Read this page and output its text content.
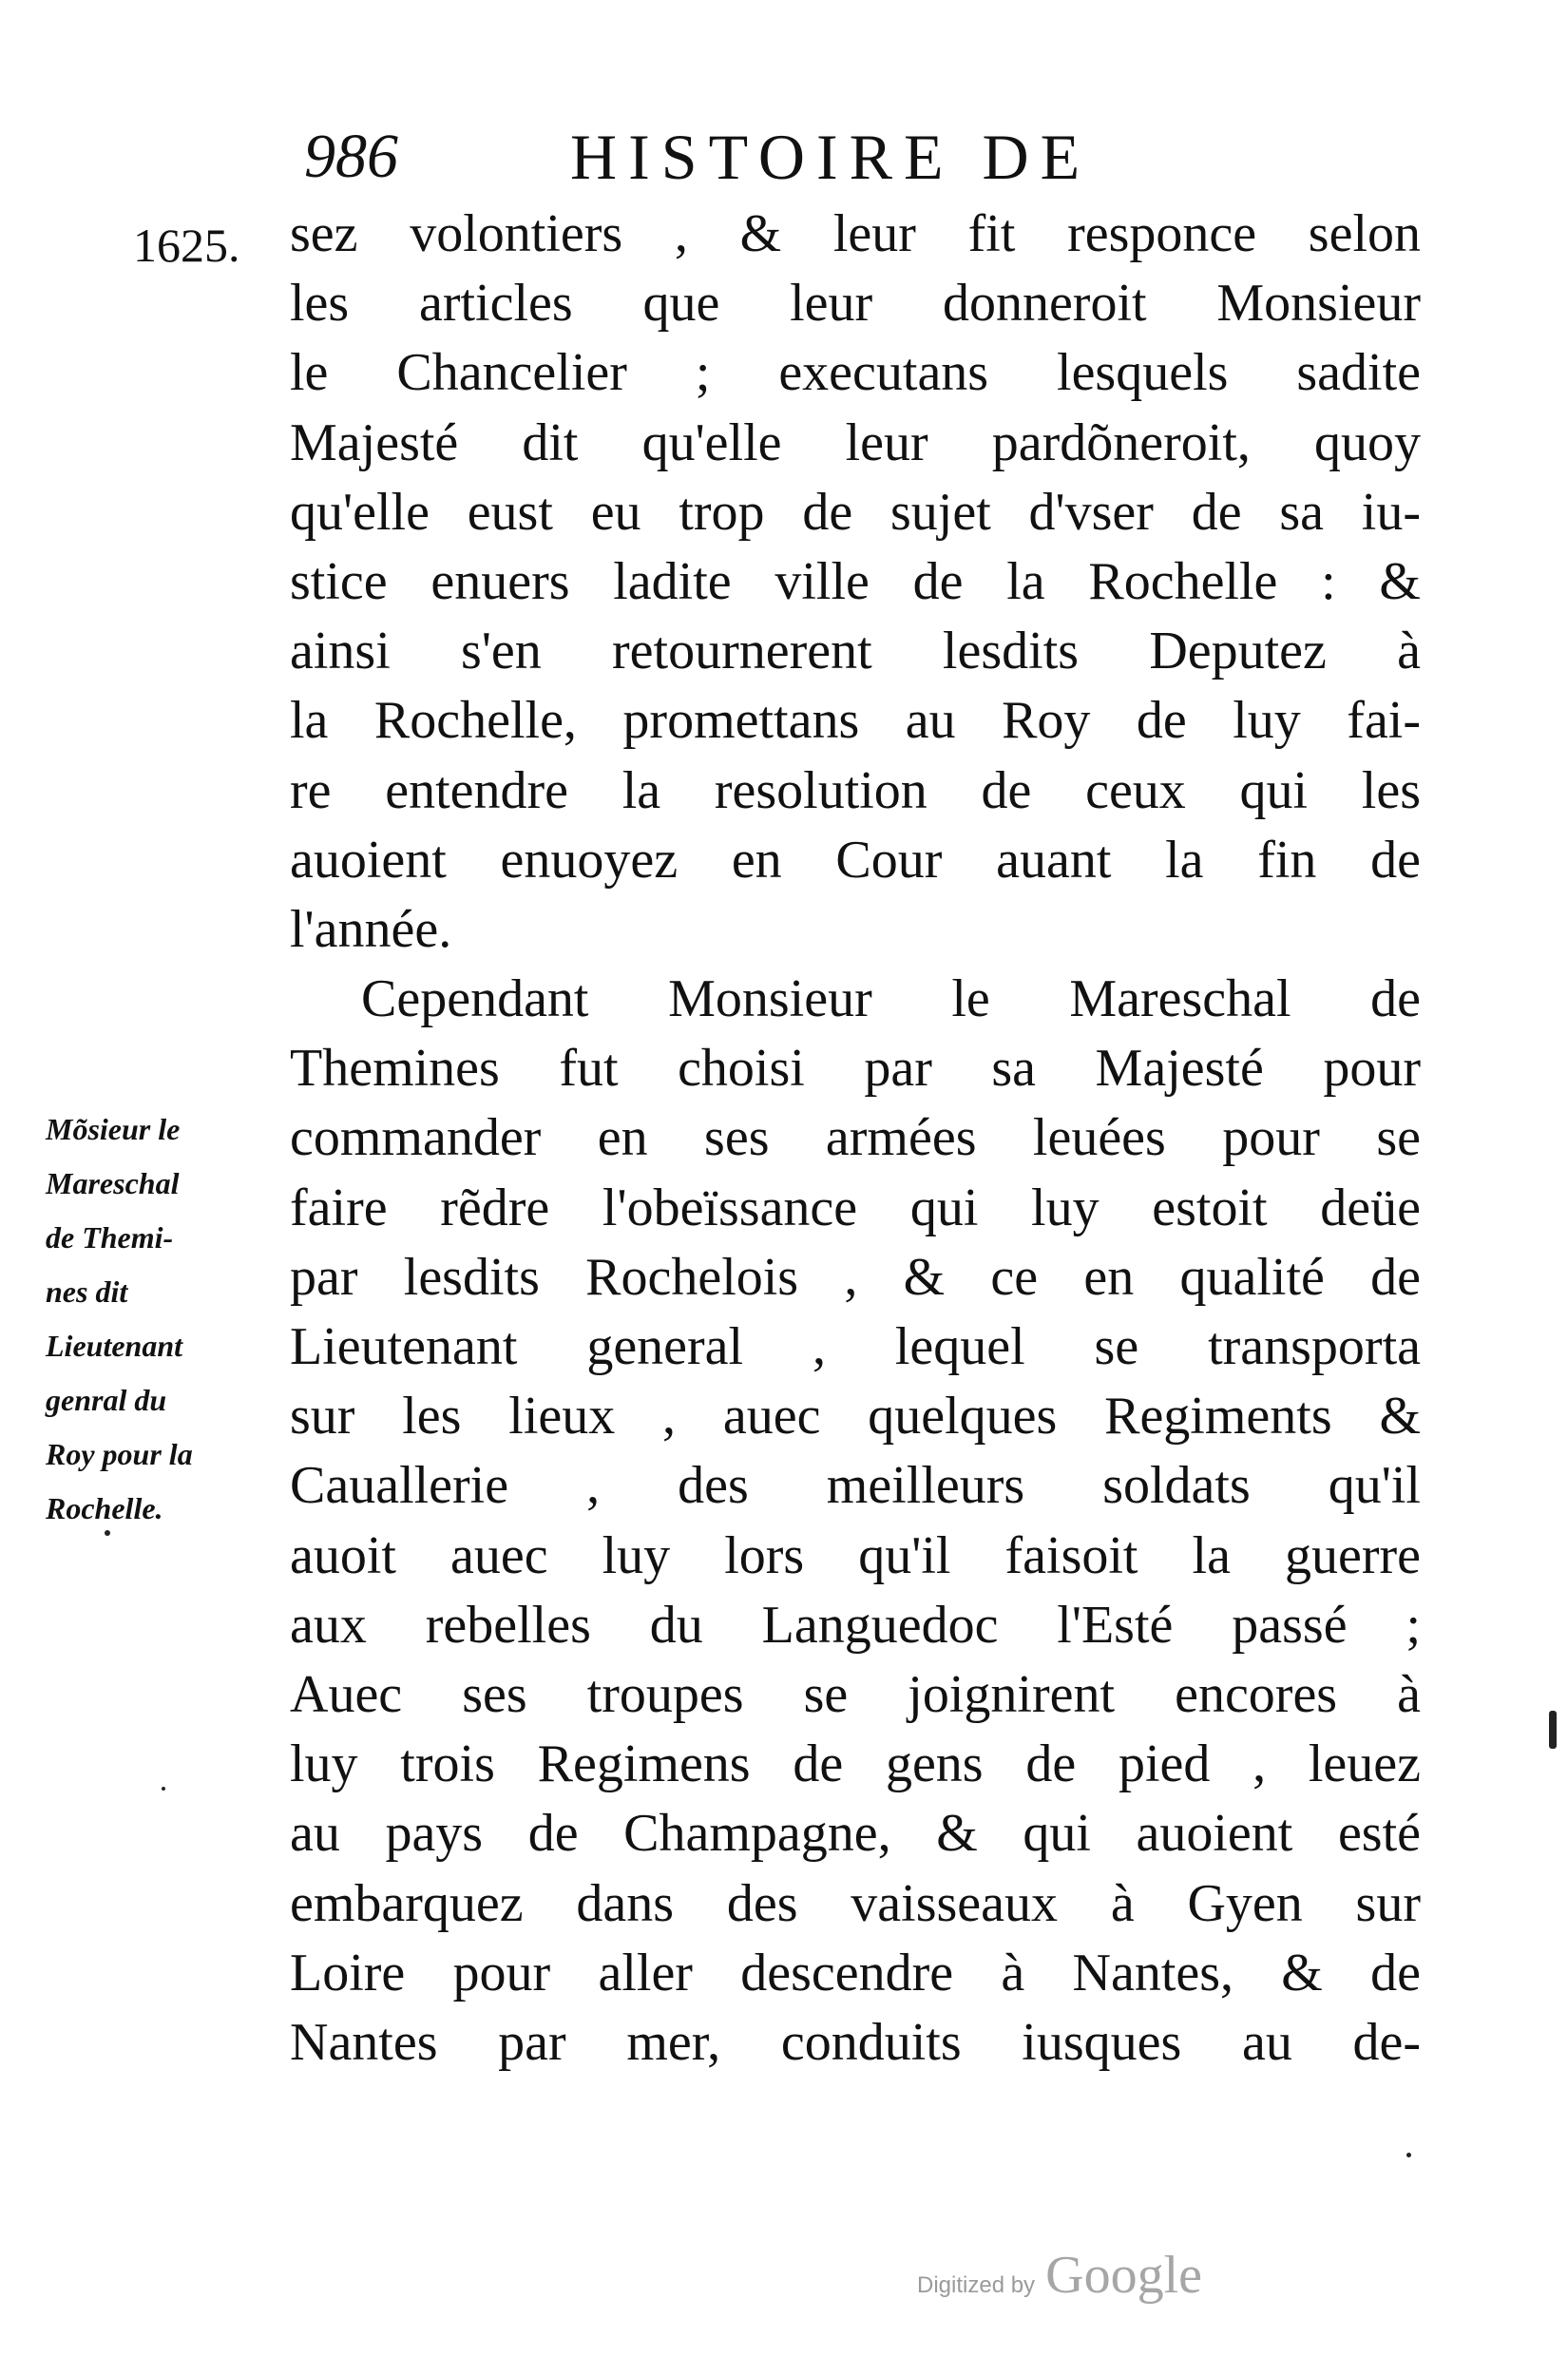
986	HISTOIRE DE
1625. sez volontiers , & leur fit responce selon
les articles que leur donneroit Monsieur
le Chancelier ; executans lesquels sadite
Majesté dit qu'elle leur pardõneroit, quoy
qu'elle eust eu trop de sujet d'vser de sa iu-
stice enuers ladite ville de la Rochelle : &
ainsi s'en retournerent lesdits Deputez à
la Rochelle, promettans au Roy de luy fai-
re entendre la resolution de ceux qui les
auoient enuoyez en Cour auant la fin de
l'année.
Cependant Monsieur le Mareschal de
Themines fut choisi par sa Majesté pour
commander en ses armées leuées pour se
faire rẽdre l'obeïssance qui luy estoit deüe
par lesdits Rochelois , & ce en qualité de
Lieutenant general , lequel se transporta
sur les lieux , auec quelques Regiments &
Cauallerie , des meilleurs soldats qu'il
auoit auec luy lors qu'il faisoit la guerre
aux rebelles du Languedoc l'Esté passé ;
Auec ses troupes se joignirent encores à
luy trois Regimens de gens de pied , leuez
au pays de Champagne, & qui auoient esté
embarquez dans des vaisseaux à Gyen sur
Loire pour aller descendre à Nantes, & de
Nantes par mer, conduits iusques au de-
Mõsieur le
Mareschal
de Themi-
nes dit
Lieutenant
genral du
Roy pour la
Rochelle.
Digitized by Google
